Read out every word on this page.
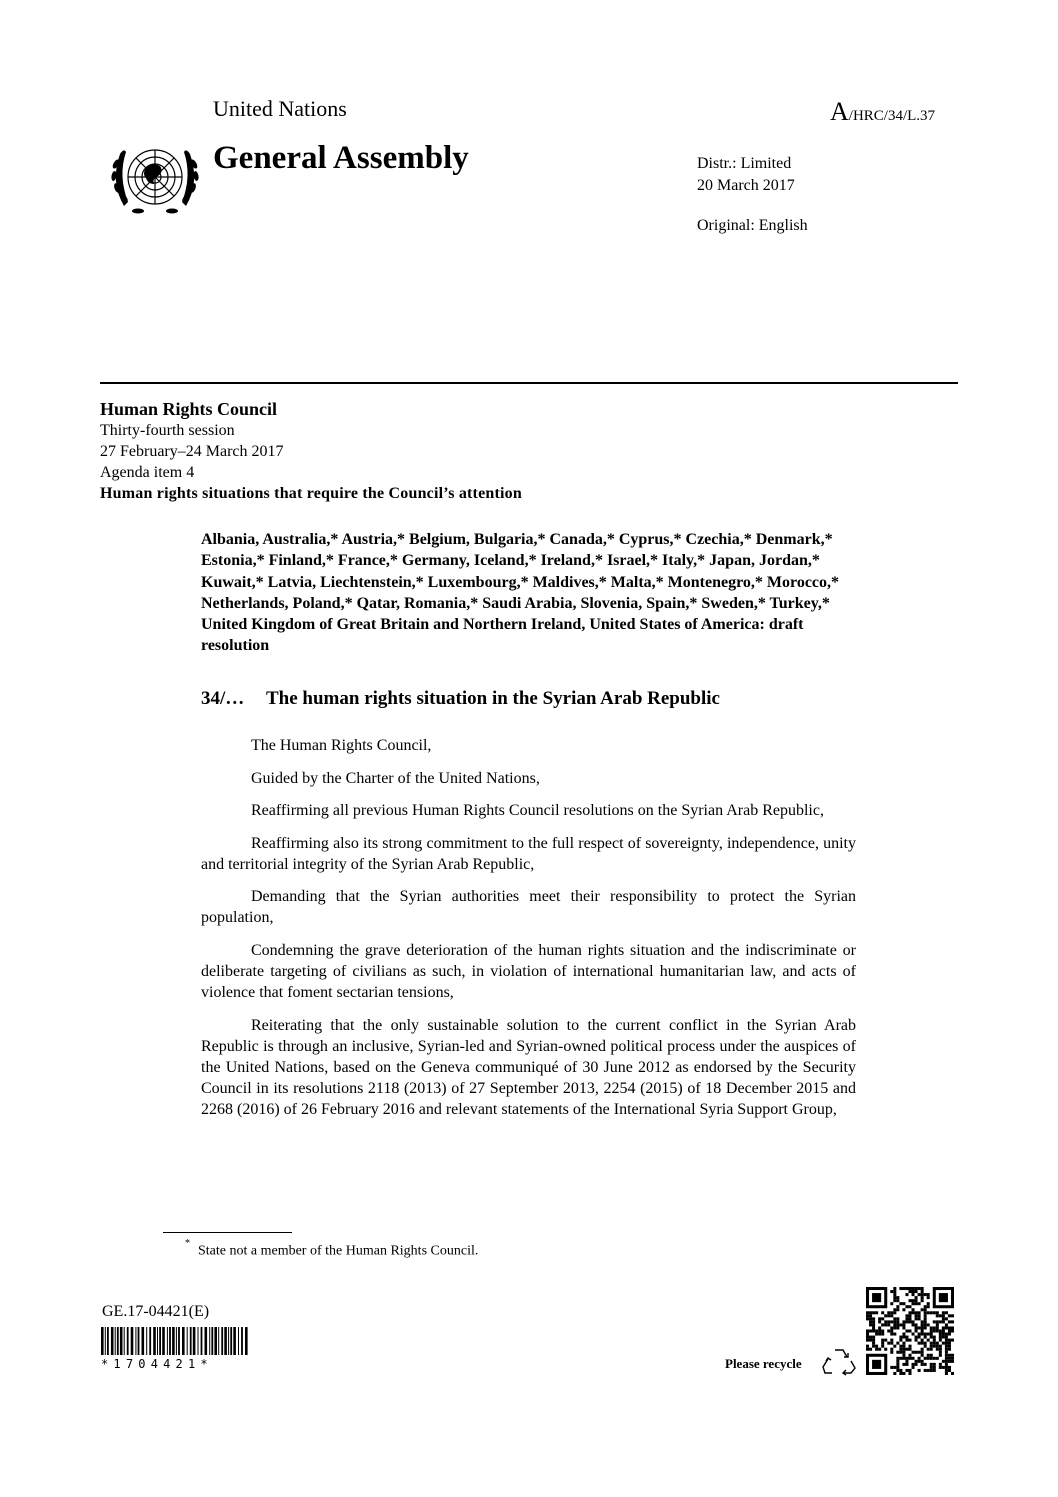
United Nations	A/HRC/34/L.37
General Assembly	Distr.: Limited
20 March 2017
Original: English
Human Rights Council
Thirty-fourth session
27 February–24 March 2017
Agenda item 4
Human rights situations that require the Council’s attention
Albania, Australia,* Austria,* Belgium, Bulgaria,* Canada,* Cyprus,* Czechia,* Denmark,* Estonia,* Finland,* France,* Germany, Iceland,* Ireland,* Israel,* Italy,* Japan, Jordan,* Kuwait,* Latvia, Liechtenstein,* Luxembourg,* Maldives,* Malta,* Montenegro,* Morocco,* Netherlands, Poland,* Qatar, Romania,* Saudi Arabia, Slovenia, Spain,* Sweden,* Turkey,* United Kingdom of Great Britain and Northern Ireland, United States of America: draft resolution
34/… The human rights situation in the Syrian Arab Republic

The Human Rights Council,

Guided by the Charter of the United Nations,

Reaffirming all previous Human Rights Council resolutions on the Syrian Arab Republic,

Reaffirming also its strong commitment to the full respect of sovereignty, independence, unity and territorial integrity of the Syrian Arab Republic,

Demanding that the Syrian authorities meet their responsibility to protect the Syrian population,

Condemning the grave deterioration of the human rights situation and the indiscriminate or deliberate targeting of civilians as such, in violation of international humanitarian law, and acts of violence that foment sectarian tensions,

Reiterating that the only sustainable solution to the current conflict in the Syrian Arab Republic is through an inclusive, Syrian-led and Syrian-owned political process under the auspices of the United Nations, based on the Geneva communiqué of 30 June 2012 as endorsed by the Security Council in its resolutions 2118 (2013) of 27 September 2013, 2254 (2015) of 18 December 2015 and 2268 (2016) of 26 February 2016 and relevant statements of the International Syria Support Group,

*State not a member of the Human Rights Council.
GE.17-04421(E)
*1704421*	Please recycle
